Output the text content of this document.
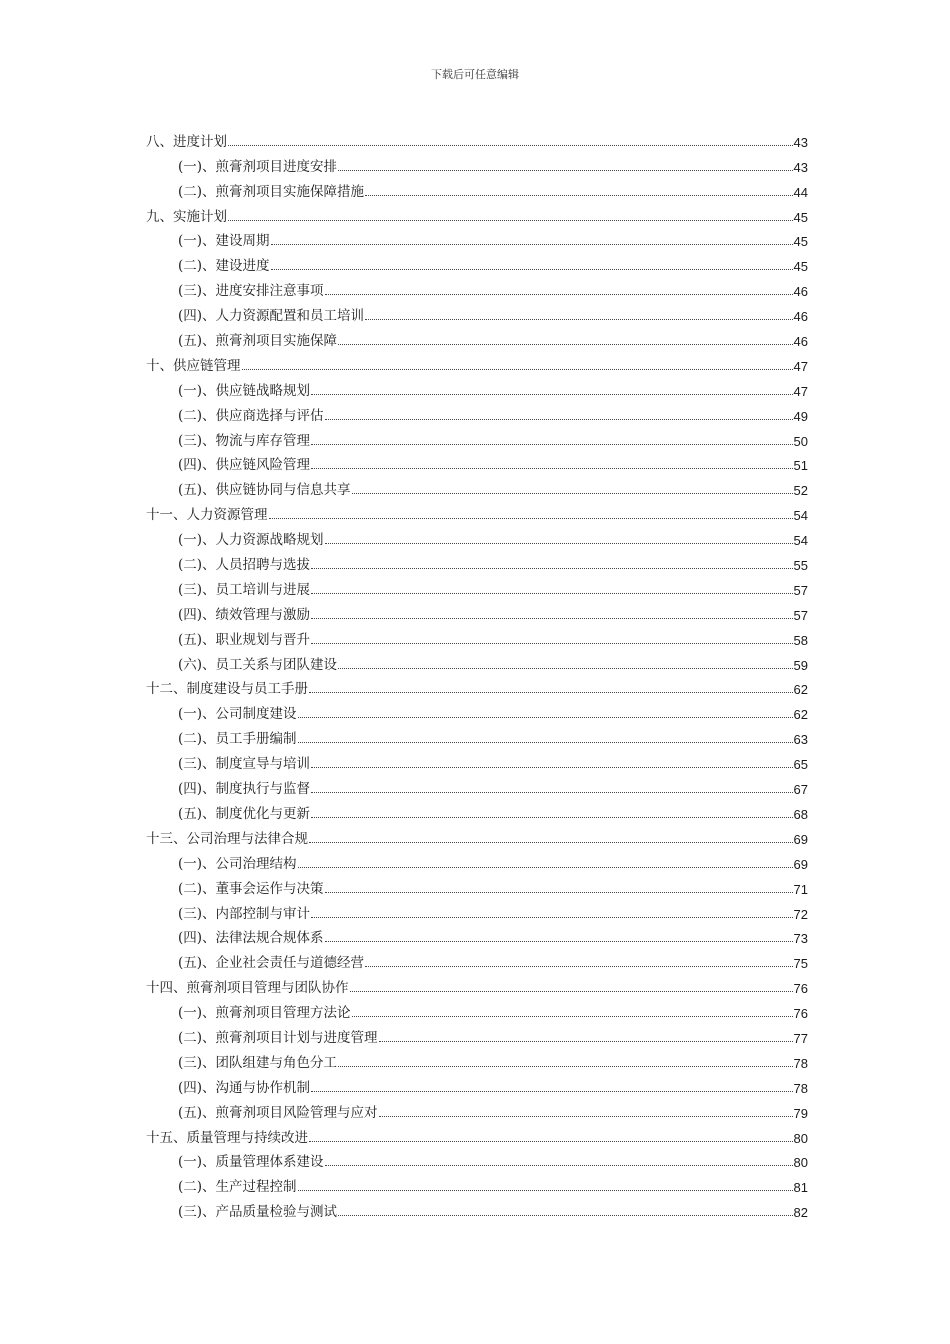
下载后可任意编辑
八、进度计划	43
(一)、煎膏剂项目进度安排	43
(二)、煎膏剂项目实施保障措施	44
九、实施计划	45
(一)、建设周期	45
(二)、建设进度	45
(三)、进度安排注意事项	46
(四)、人力资源配置和员工培训	46
(五)、煎膏剂项目实施保障	46
十、供应链管理	47
(一)、供应链战略规划	47
(二)、供应商选择与评估	49
(三)、物流与库存管理	50
(四)、供应链风险管理	51
(五)、供应链协同与信息共享	52
十一、人力资源管理	54
(一)、人力资源战略规划	54
(二)、人员招聘与选拔	55
(三)、员工培训与进展	57
(四)、绩效管理与激励	57
(五)、职业规划与晋升	58
(六)、员工关系与团队建设	59
十二、制度建设与员工手册	62
(一)、公司制度建设	62
(二)、员工手册编制	63
(三)、制度宣导与培训	65
(四)、制度执行与监督	67
(五)、制度优化与更新	68
十三、公司治理与法律合规	69
(一)、公司治理结构	69
(二)、董事会运作与决策	71
(三)、内部控制与审计	72
(四)、法律法规合规体系	73
(五)、企业社会责任与道德经营	75
十四、煎膏剂项目管理与团队协作	76
(一)、煎膏剂项目管理方法论	76
(二)、煎膏剂项目计划与进度管理	77
(三)、团队组建与角色分工	78
(四)、沟通与协作机制	78
(五)、煎膏剂项目风险管理与应对	79
十五、质量管理与持续改进	80
(一)、质量管理体系建设	80
(二)、生产过程控制	81
(三)、产品质量检验与测试	82
